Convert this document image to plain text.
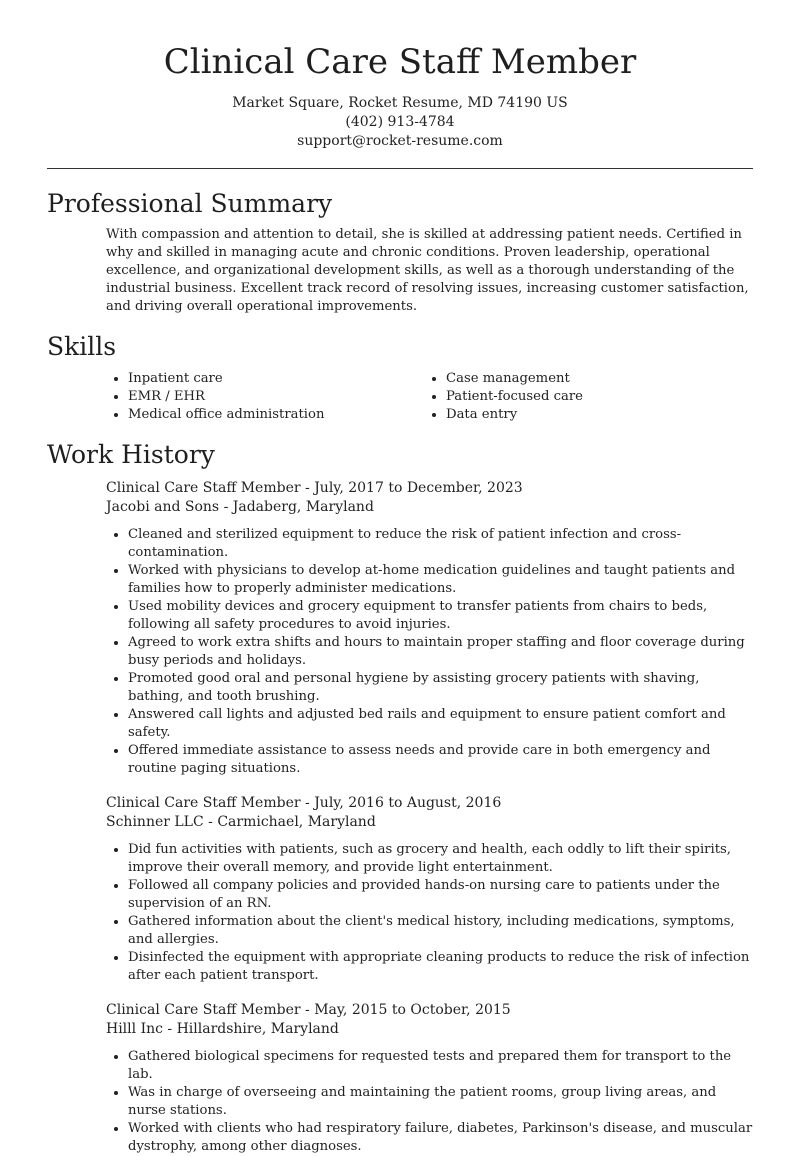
Clinical Care Staff Member
Market Square, Rocket Resume, MD 74190 US
(402) 913-4784
support@rocket-resume.com
Professional Summary

With compassion and attention to detail, she is skilled at addressing patient needs. Certified in why and skilled in managing acute and chronic conditions. Proven leadership, operational excellence, and organizational development skills, as well as a thorough understanding of the industrial business. Excellent track record of resolving issues, increasing customer satisfaction, and driving overall operational improvements.

Skills
• Inpatient care
• EMR / EHR
• Medical office administration
• Case management
• Patient-focused care
• Data entry
Work History
Clinical Care Staff Member - July, 2017 to December, 2023
Jacobi and Sons - Jadaberg, Maryland
• Cleaned and sterilized equipment to reduce the risk of patient infection and cross-contamination.
• Worked with physicians to develop at-home medication guidelines and taught patients and families how to properly administer medications.
• Used mobility devices and grocery equipment to transfer patients from chairs to beds, following all safety procedures to avoid injuries.
• Agreed to work extra shifts and hours to maintain proper staffing and floor coverage during busy periods and holidays.
• Promoted good oral and personal hygiene by assisting grocery patients with shaving, bathing, and tooth brushing.
• Answered call lights and adjusted bed rails and equipment to ensure patient comfort and safety.
• Offered immediate assistance to assess needs and provide care in both emergency and routine paging situations.
Clinical Care Staff Member - July, 2016 to August, 2016
Schinner LLC - Carmichael, Maryland
• Did fun activities with patients, such as grocery and health, each oddly to lift their spirits, improve their overall memory, and provide light entertainment.
• Followed all company policies and provided hands-on nursing care to patients under the supervision of an RN.
• Gathered information about the client's medical history, including medications, symptoms, and allergies.
• Disinfected the equipment with appropriate cleaning products to reduce the risk of infection after each patient transport.
Clinical Care Staff Member - May, 2015 to October, 2015
Hilll Inc - Hillardshire, Maryland
• Gathered biological specimens for requested tests and prepared them for transport to the lab.
• Was in charge of overseeing and maintaining the patient rooms, group living areas, and nurse stations.
• Worked with clients who had respiratory failure, diabetes, Parkinson's disease, and muscular dystrophy, among other diagnoses.
